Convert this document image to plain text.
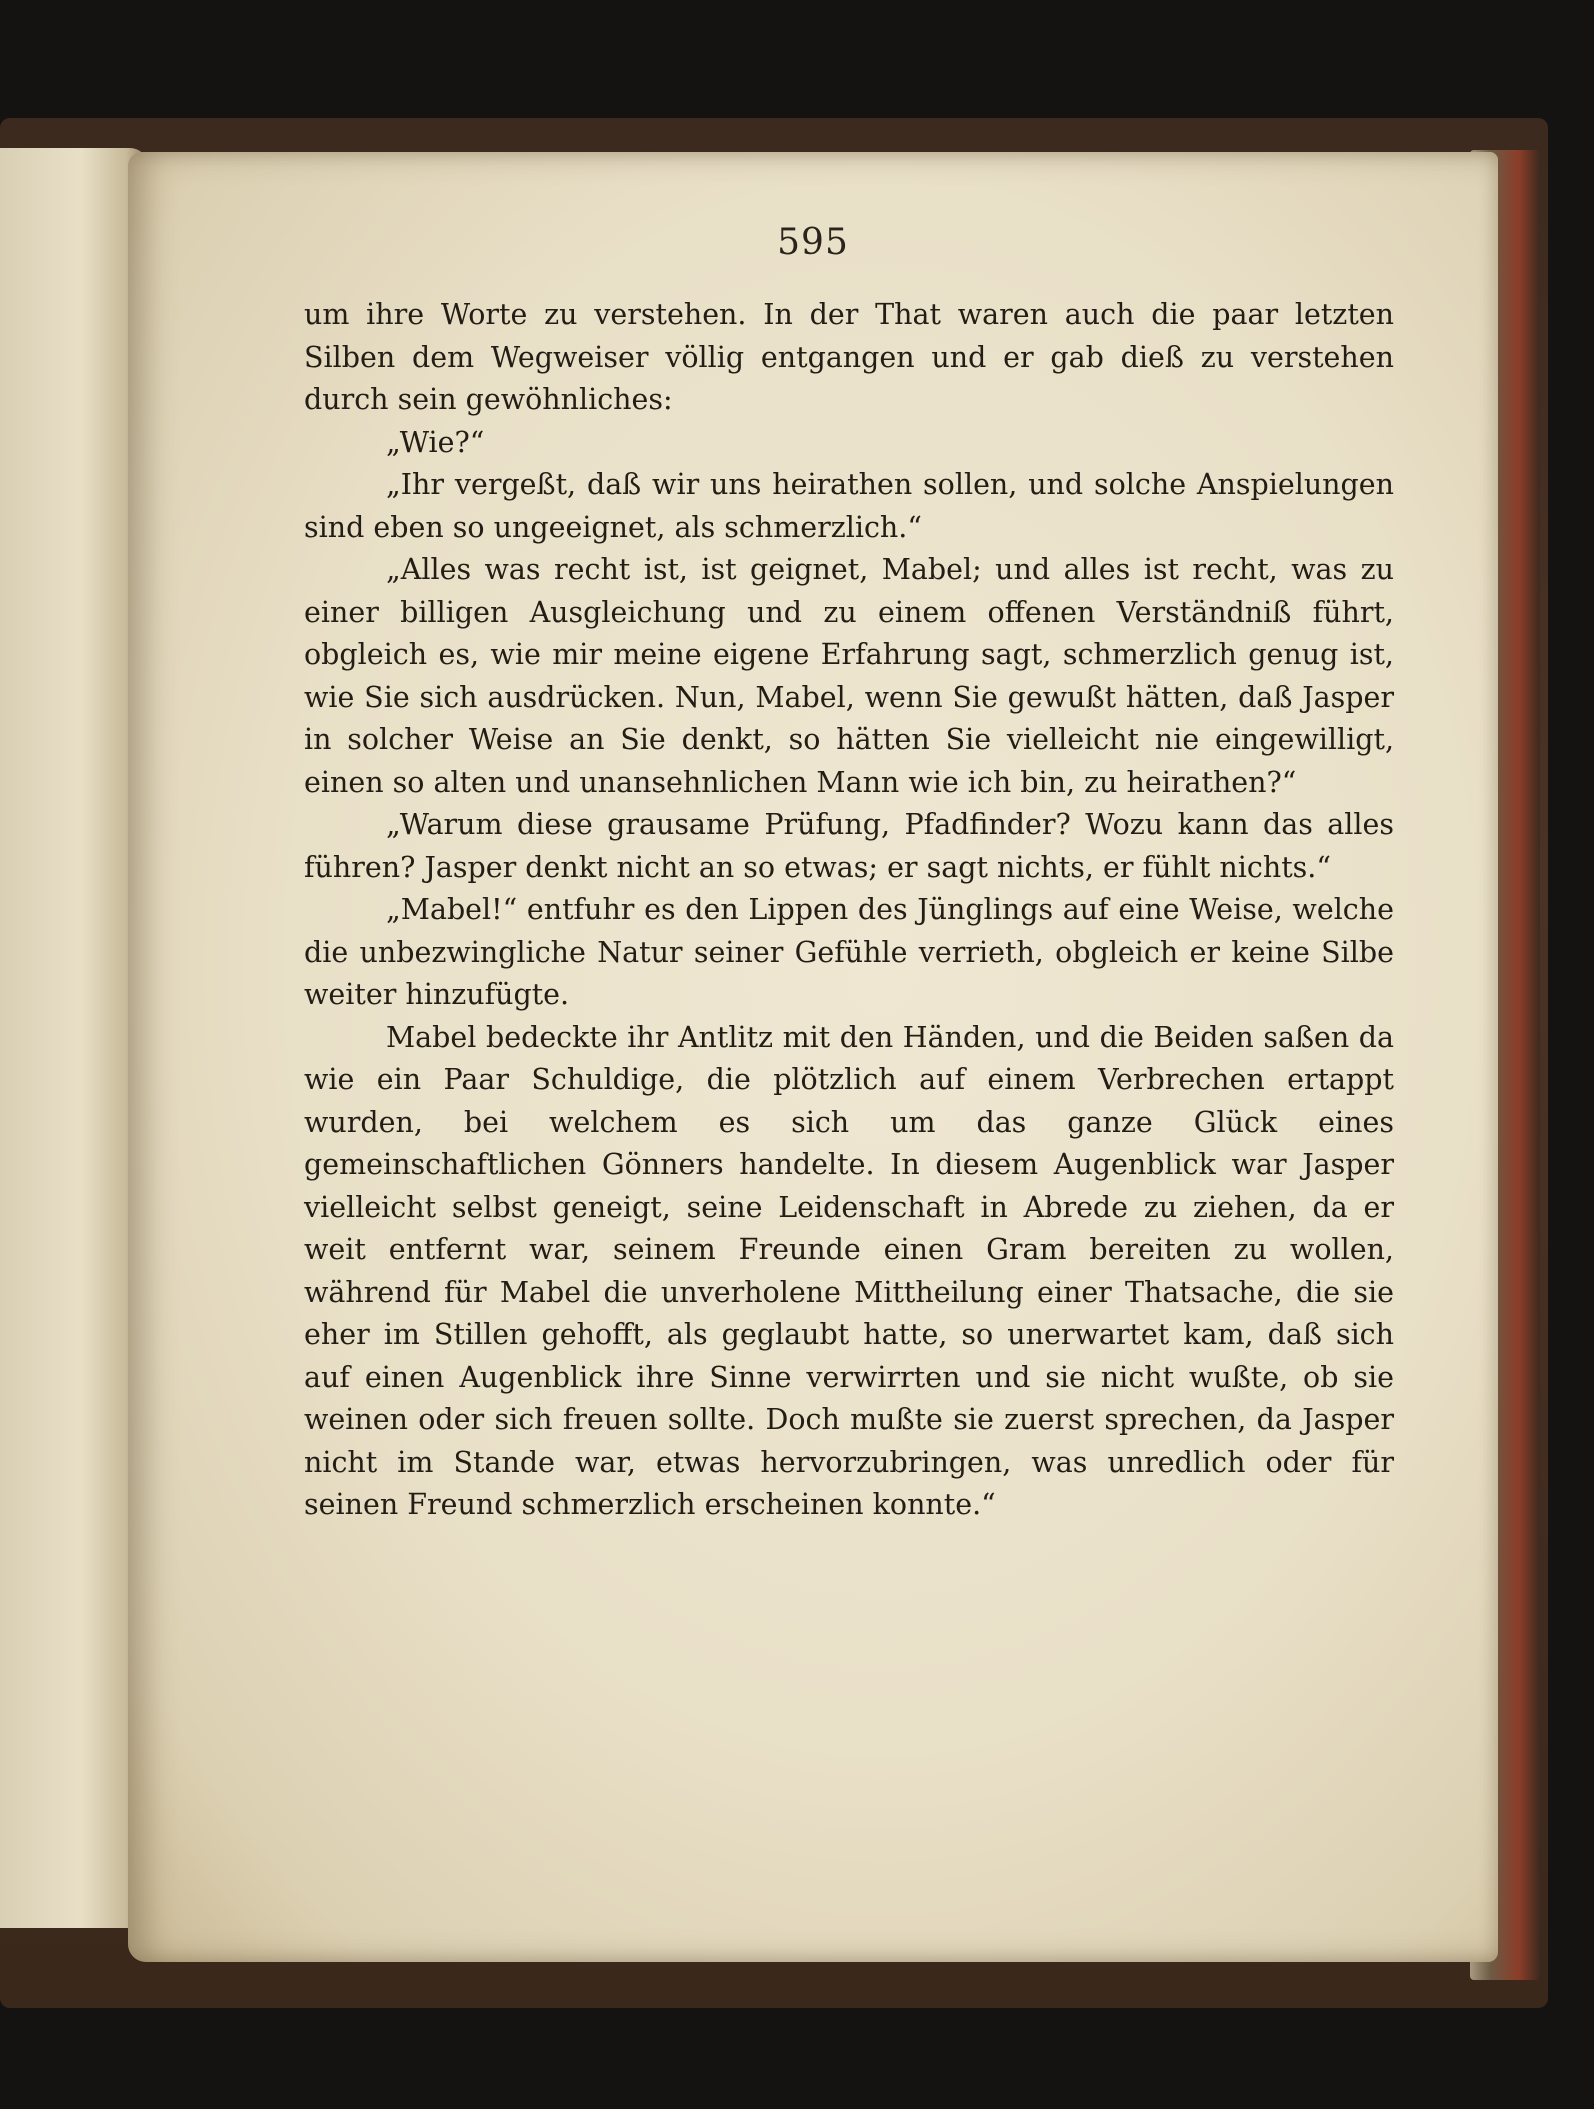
595

um ihre Worte zu verstehen. In der That waren auch die paar letzten Silben dem Wegweiser völlig entgangen und er gab dieß zu verstehen durch sein gewöhnliches:

„Wie?“

„Ihr vergeßt, daß wir uns heirathen sollen, und solche Anspielungen sind eben so ungeeignet, als schmerzlich.“

„Alles was recht ist, ist geignet, Mabel; und alles ist recht, was zu einer billigen Ausgleichung und zu einem offenen Verständniß führt, obgleich es, wie mir meine eigene Erfahrung sagt, schmerzlich genug ist, wie Sie sich ausdrücken. Nun, Mabel, wenn Sie gewußt hätten, daß Jasper in solcher Weise an Sie denkt, so hätten Sie vielleicht nie eingewilligt, einen so alten und unansehnlichen Mann wie ich bin, zu heirathen?“

„Warum diese grausame Prüfung, Pfadfinder? Wozu kann das alles führen? Jasper denkt nicht an so etwas; er sagt nichts, er fühlt nichts.“

„Mabel!“ entfuhr es den Lippen des Jünglings auf eine Weise, welche die unbezwingliche Natur seiner Gefühle verrieth, obgleich er keine Silbe weiter hinzufügte.

Mabel bedeckte ihr Antlitz mit den Händen, und die Beiden saßen da wie ein Paar Schuldige, die plötzlich auf einem Verbrechen ertappt wurden, bei welchem es sich um das ganze Glück eines gemeinschaftlichen Gönners handelte. In diesem Augenblick war Jasper vielleicht selbst geneigt, seine Leidenschaft in Abrede zu ziehen, da er weit entfernt war, seinem Freunde einen Gram bereiten zu wollen, während für Mabel die unverholene Mittheilung einer Thatsache, die sie eher im Stillen gehofft, als geglaubt hatte, so unerwartet kam, daß sich auf einen Augenblick ihre Sinne verwirrten und sie nicht wußte, ob sie weinen oder sich freuen sollte. Doch mußte sie zuerst sprechen, da Jasper nicht im Stande war, etwas hervorzubringen, was unredlich oder für seinen Freund schmerzlich erscheinen konnte.“
